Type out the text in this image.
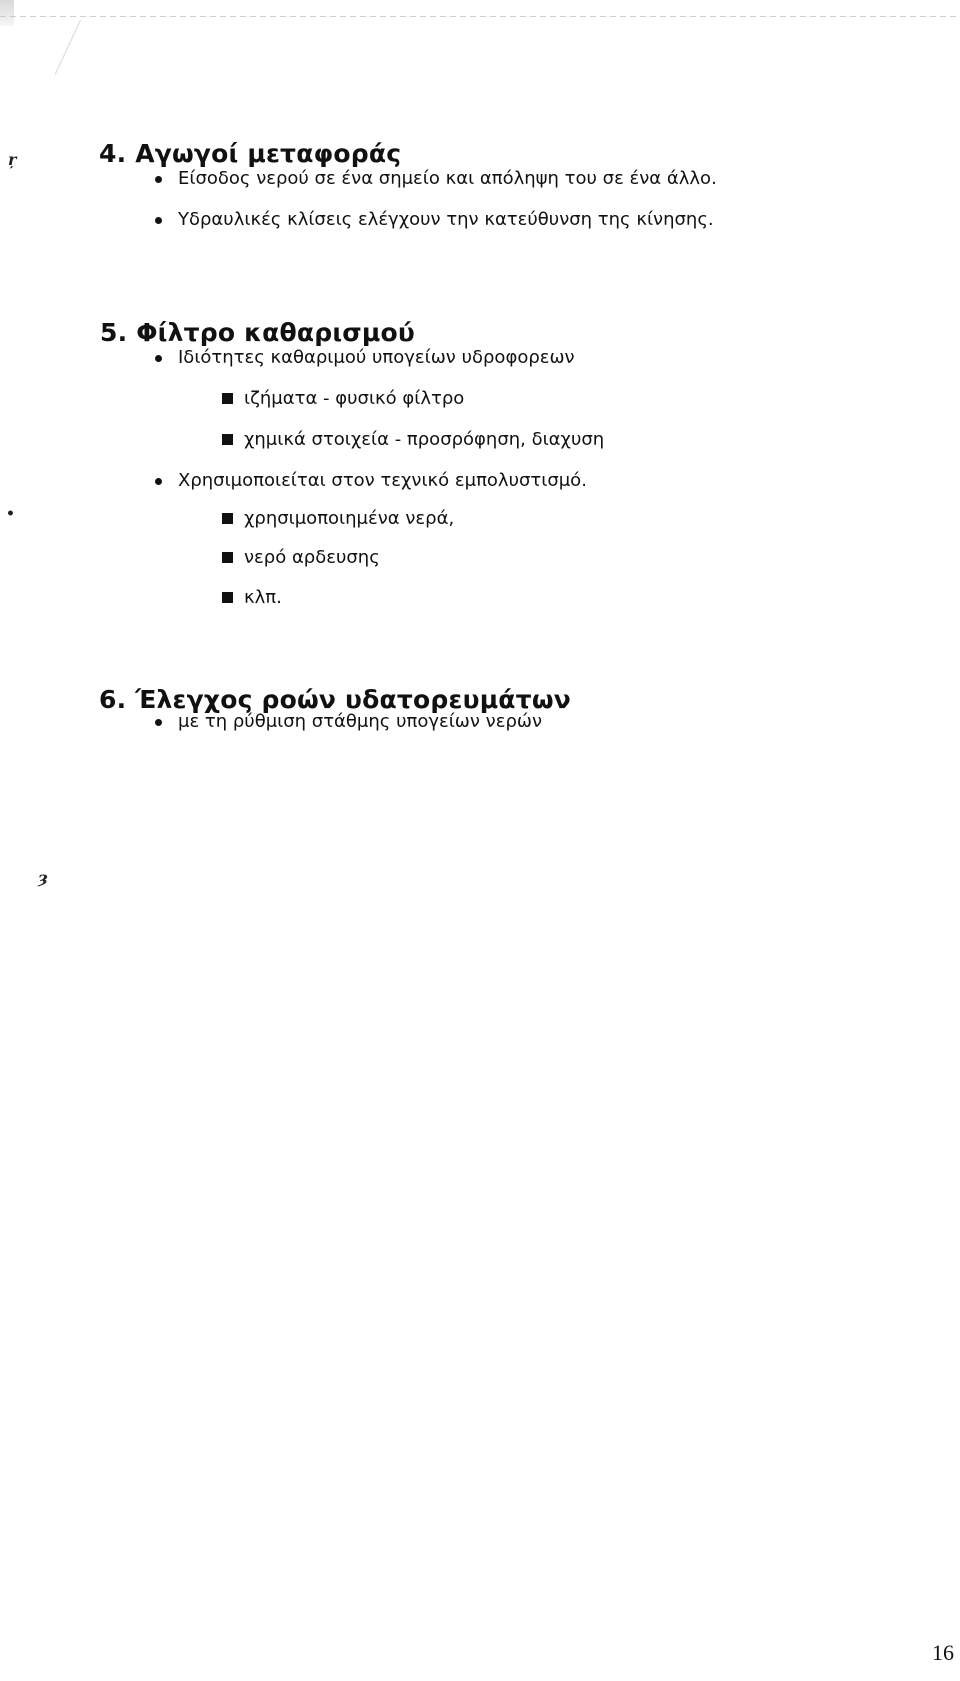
ŗ
•
ȝ
4. Αγωγοί μεταφοράς
Είσοδος νερού σε ένα σημείο και απόληψη του σε ένα άλλο.
Υδραυλικές κλίσεις ελέγχουν την κατεύθυνση της κίνησης.
5. Φίλτρο καθαρισμού
Ιδιότητες καθαριμού υπογείων υδροφορεων
ιζήματα - φυσικό φίλτρο
χημικά στοιχεία - προσρόφηση, διαχυση
Χρησιμοποιείται στον τεχνικό εμπολυστισμό.
χρησιμοποιημένα νερά,
νερό αρδευσης
κλπ.
6. Έλεγχος ροών υδατορευμάτων
με τη ρύθμιση στάθμης υπογείων νερών
16
